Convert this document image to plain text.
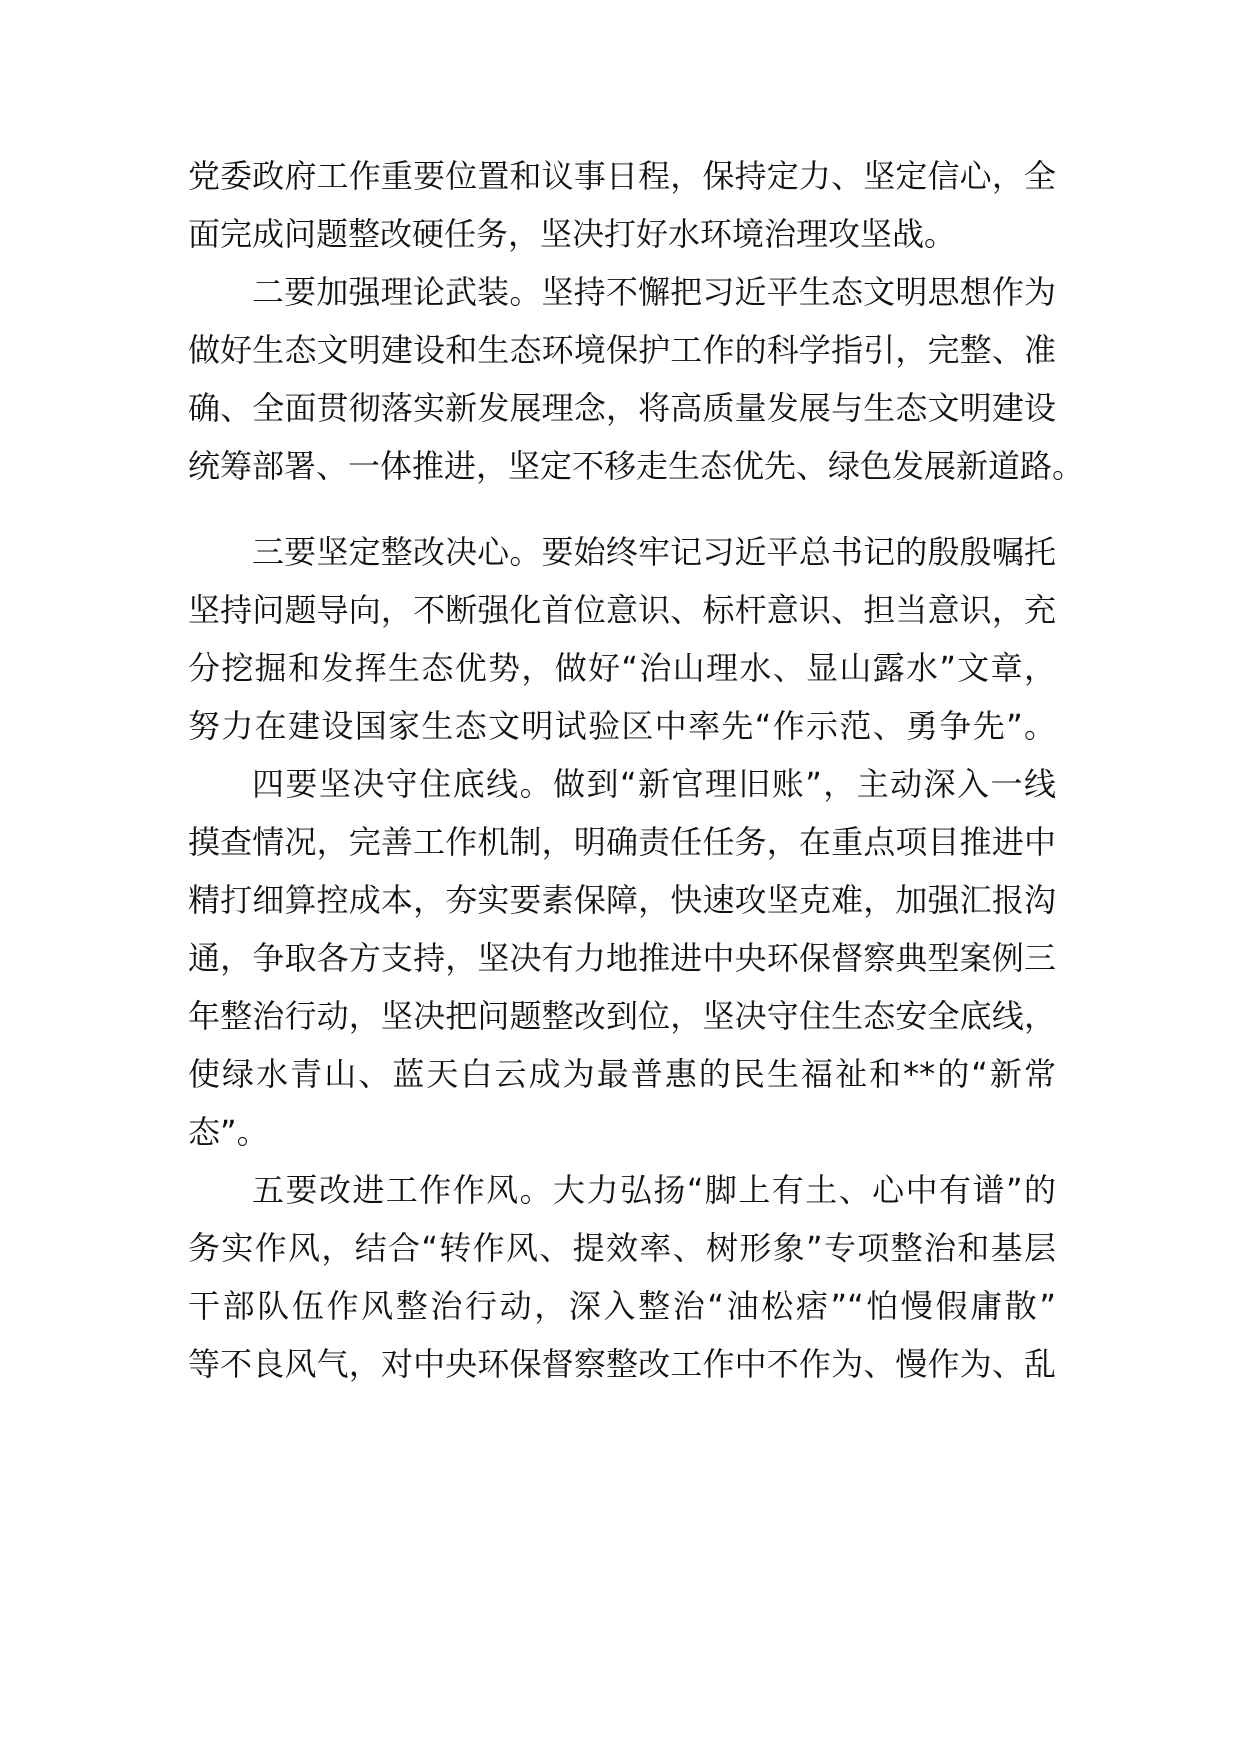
党委政府工作重要位置和议事日程，保持定力、坚定信心，全
面完成问题整改硬任务，坚决打好水环境治理攻坚战。
二要加强理论武装。坚持不懈把习近平生态文明思想作为
做好生态文明建设和生态环境保护工作的科学指引，完整、准
确、全面贯彻落实新发展理念，将高质量发展与生态文明建设
统筹部署、一体推进，坚定不移走生态优先、绿色发展新道路。
三要坚定整改决心。要始终牢记习近平总书记的殷殷嘱托
坚持问题导向，不断强化首位意识、标杆意识、担当意识，充
分挖掘和发挥生态优势，做好“治山理水、显山露水”文章，
努力在建设国家生态文明试验区中率先“作示范、勇争先”。
四要坚决守住底线。做到“新官理旧账”，主动深入一线
摸查情况，完善工作机制，明确责任任务，在重点项目推进中
精打细算控成本，夯实要素保障，快速攻坚克难，加强汇报沟
通，争取各方支持，坚决有力地推进中央环保督察典型案例三
年整治行动，坚决把问题整改到位，坚决守住生态安全底线，
使绿水青山、蓝天白云成为最普惠的民生福祉和**的“新常
态”。
五要改进工作作风。大力弘扬“脚上有土、心中有谱”的
务实作风，结合“转作风、提效率、树形象”专项整治和基层
干部队伍作风整治行动，深入整治“油松痞”“怕慢假庸散”
等不良风气，对中央环保督察整改工作中不作为、慢作为、乱
